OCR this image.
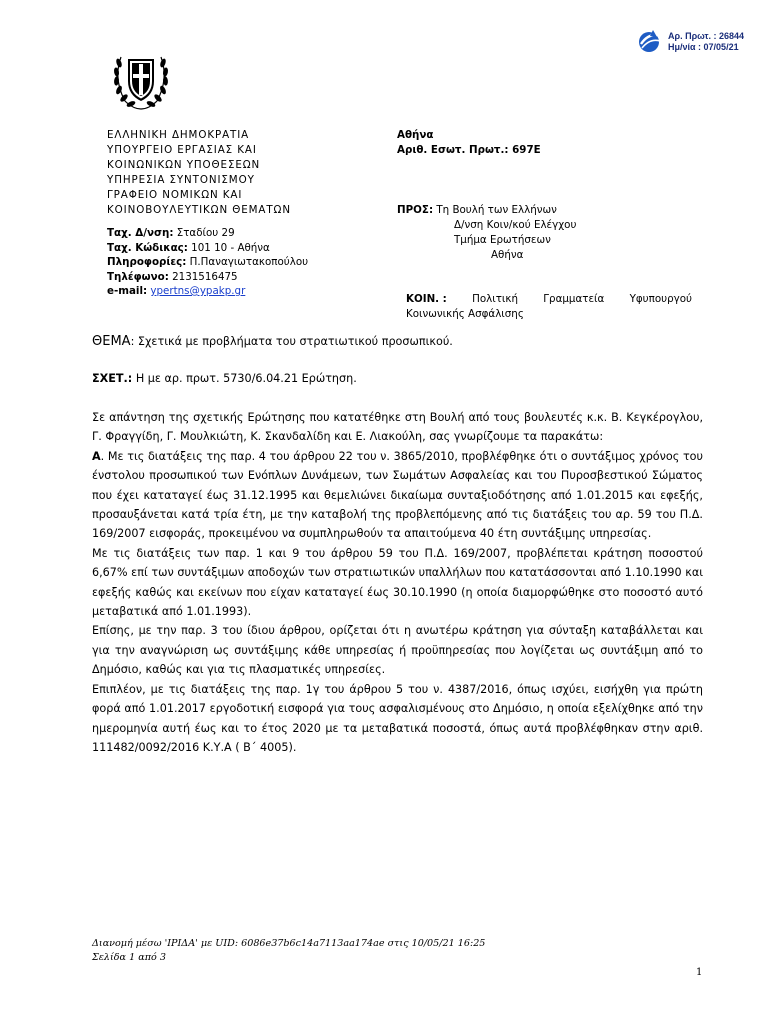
Αρ. Πρωτ. : 26844
Ημ/νία : 07/05/21
ΕΛΛΗΝΙΚΗ ΔΗΜΟΚΡΑΤΙΑ
ΥΠΟΥΡΓΕΙΟ ΕΡΓΑΣΙΑΣ ΚΑΙ
ΚΟΙΝΩΝΙΚΩΝ ΥΠΟΘΕΣΕΩΝ
ΥΠΗΡΕΣΙΑ ΣΥΝΤΟΝΙΣΜΟΥ
ΓΡΑΦΕΙΟ ΝΟΜΙΚΩΝ ΚΑΙ
ΚΟΙΝΟΒΟΥΛΕΥΤΙΚΩΝ ΘΕΜΑΤΩΝ
Ταχ. Δ/νση: Σταδίου 29
Ταχ. Κώδικας: 101 10 - Αθήνα
Πληροφορίες: Π.Παναγιωτακοπούλου
Τηλέφωνο: 2131516475
e-mail: ypertns@ypakp.gr
Αθήνα
Αριθ. Εσωτ. Πρωτ.: 697Ε
ΠΡΟΣ: Τη Βουλή των Ελλήνων
Δ/νση Κοιν/κού Ελέγχου
Τμήμα Ερωτήσεων
Αθήνα
ΚΟΙΝ. : Πολιτική Γραμματεία Υφυπουργού
Κοινωνικής Ασφάλισης
ΘΕΜΑ: Σχετικά με προβλήματα του στρατιωτικού προσωπικού.
ΣΧΕΤ.: Η με αρ. πρωτ. 5730/6.04.21 Ερώτηση.

Σε απάντηση της σχετικής Ερώτησης που κατατέθηκε στη Βουλή από τους βουλευτές κ.κ. Β. Κεγκέρογλου, Γ. Φραγγίδη, Γ. Μουλκιώτη, Κ. Σκανδαλίδη και Ε. Λιακούλη, σας γνωρίζουμε τα παρακάτω:

Α. Με τις διατάξεις της παρ. 4 του άρθρου 22 του ν. 3865/2010, προβλέφθηκε ότι ο συντάξιμος χρόνος του ένστολου προσωπικού των Ενόπλων Δυνάμεων, των Σωμάτων Ασφαλείας και του Πυροσβεστικού Σώματος που έχει καταταγεί έως 31.12.1995 και θεμελιώνει δικαίωμα συνταξιοδότησης από 1.01.2015 και εφεξής, προσαυξάνεται κατά τρία έτη, με την καταβολή της προβλεπόμενης από τις διατάξεις του αρ. 59 του Π.Δ. 169/2007 εισφοράς, προκειμένου να συμπληρωθούν τα απαιτούμενα 40 έτη συντάξιμης υπηρεσίας.

Με τις διατάξεις των παρ. 1 και 9 του άρθρου 59 του Π.Δ. 169/2007, προβλέπεται κράτηση ποσοστού 6,67% επί των συντάξιμων αποδοχών των στρατιωτικών υπαλλήλων που κατατάσσονται από 1.10.1990 και εφεξής καθώς και εκείνων που είχαν καταταγεί έως 30.10.1990 (η οποία διαμορφώθηκε στο ποσοστό αυτό μεταβατικά από 1.01.1993).

Επίσης, με την παρ. 3 του ίδιου άρθρου, ορίζεται ότι η ανωτέρω κράτηση για σύνταξη καταβάλλεται και για την αναγνώριση ως συντάξιμης κάθε υπηρεσίας ή προϋπηρεσίας που λογίζεται ως συντάξιμη από το Δημόσιο, καθώς και για τις πλασματικές υπηρεσίες.

Επιπλέον, με τις διατάξεις της παρ. 1γ του άρθρου 5 του ν. 4387/2016, όπως ισχύει, εισήχθη για πρώτη φορά από 1.01.2017 εργοδοτική εισφορά για τους ασφαλισμένους στο Δημόσιο, η οποία εξελίχθηκε από την ημερομηνία αυτή έως και το έτος 2020 με τα μεταβατικά ποσοστά, όπως αυτά προβλέφθηκαν στην αριθ. 111482/0092/2016 Κ.Υ.Α ( Β΄ 4005).

Διανομή μέσω 'ΙΡΙΔΑ' με UID: 6086e37b6c14a7113aa174ae στις 10/05/21 16:25
Σελίδα 1 από 3
1
